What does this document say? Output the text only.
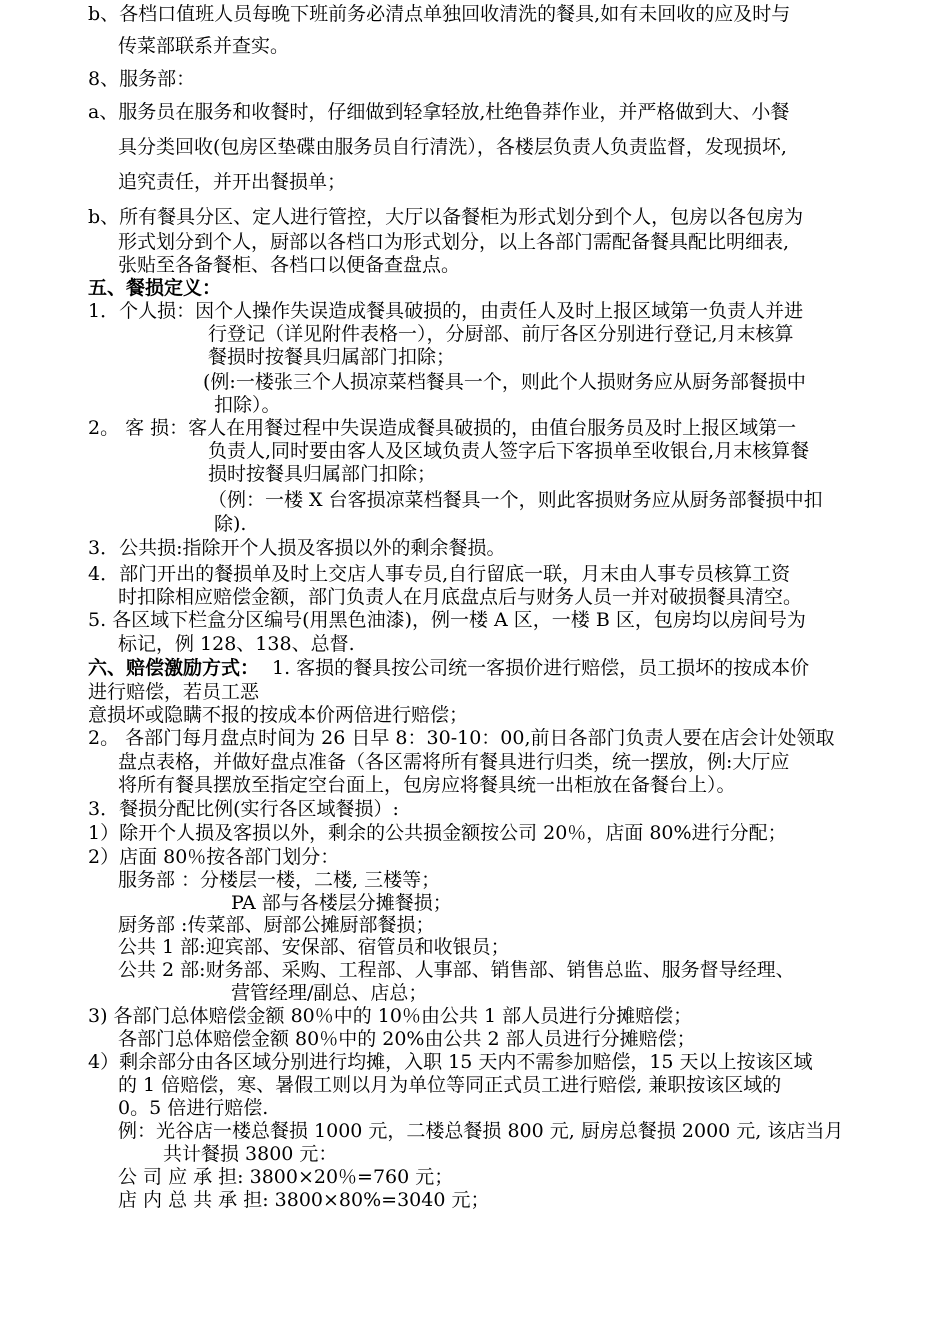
b、各档口值班人员每晚下班前务必清点单独回收清洗的餐具,如有未回收的应及时与
传菜部联系并查实。
8、服务部：
a、服务员在服务和收餐时，仔细做到轻拿轻放,杜绝鲁莽作业，并严格做到大、小餐
具分类回收(包房区垫碟由服务员自行清洗），各楼层负责人负责监督，发现损坏,
追究责任，并开出餐损单；
b、所有餐具分区、定人进行管控，大厅以备餐柜为形式划分到个人，包房以各包房为
形式划分到个人，厨部以各档口为形式划分，以上各部门需配备餐具配比明细表,
张贴至各备餐柜、各档口以便备查盘点。
五、餐损定义：
1．个人损：因个人操作失误造成餐具破损的，由责任人及时上报区域第一负责人并进
行登记（详见附件表格一），分厨部、前厅各区分别进行登记,月末核算
餐损时按餐具归属部门扣除；
(例:一楼张三个人损凉菜档餐具一个，则此个人损财务应从厨务部餐损中
扣除）。
2。 客 损：客人在用餐过程中失误造成餐具破损的，由值台服务员及时上报区域第一
负责人,同时要由客人及区域负责人签字后下客损单至收银台,月末核算餐
损时按餐具归属部门扣除；
（例：一楼 X 台客损凉菜档餐具一个，则此客损财务应从厨务部餐损中扣
除).
3．公共损:指除开个人损及客损以外的剩余餐损。
4．部门开出的餐损单及时上交店人事专员,自行留底一联，月末由人事专员核算工资
时扣除相应赔偿金额，部门负责人在月底盘点后与财务人员一并对破损餐具清空。
5. 各区域下栏盒分区编号(用黑色油漆)，例一楼 A 区，一楼 B 区，包房均以房间号为
标记，例 128、138、总督.
六、赔偿激励方式： 1. 客损的餐具按公司统一客损价进行赔偿，员工损坏的按成本价
进行赔偿，若员工恶
意损坏或隐瞒不报的按成本价两倍进行赔偿；
2。 各部门每月盘点时间为 26 日早 8：30-10：00,前日各部门负责人要在店会计处领取
盘点表格，并做好盘点准备（各区需将所有餐具进行归类，统一摆放，例:大厅应
将所有餐具摆放至指定空台面上，包房应将餐具统一出柜放在备餐台上）。
3．餐损分配比例(实行各区域餐损）:
1）除开个人损及客损以外，剩余的公共损金额按公司 20％，店面 80%进行分配；
2）店面 80％按各部门划分：
服务部 ：分楼层一楼，二楼, 三楼等；
PA 部与各楼层分摊餐损；
厨务部 :传菜部、厨部公摊厨部餐损；
公共 1 部:迎宾部、安保部、宿管员和收银员；
公共 2 部:财务部、采购、工程部、人事部、销售部、销售总监、服务督导经理、
营管经理/副总、店总；
3) 各部门总体赔偿金额 80％中的 10％由公共 1 部人员进行分摊赔偿；
各部门总体赔偿金额 80％中的 20%由公共 2 部人员进行分摊赔偿；
4）剩余部分由各区域分别进行均摊，入职 15 天内不需参加赔偿，15 天以上按该区域
的 1 倍赔偿，寒、暑假工则以月为单位等同正式员工进行赔偿, 兼职按该区域的
0。5 倍进行赔偿.
例：光谷店一楼总餐损 1000 元，二楼总餐损 800 元, 厨房总餐损 2000 元, 该店当月
共计餐损 3800 元：
公 司 应 承 担: 3800×20％=760 元；
店 内 总 共 承 担: 3800×80%=3040 元；
